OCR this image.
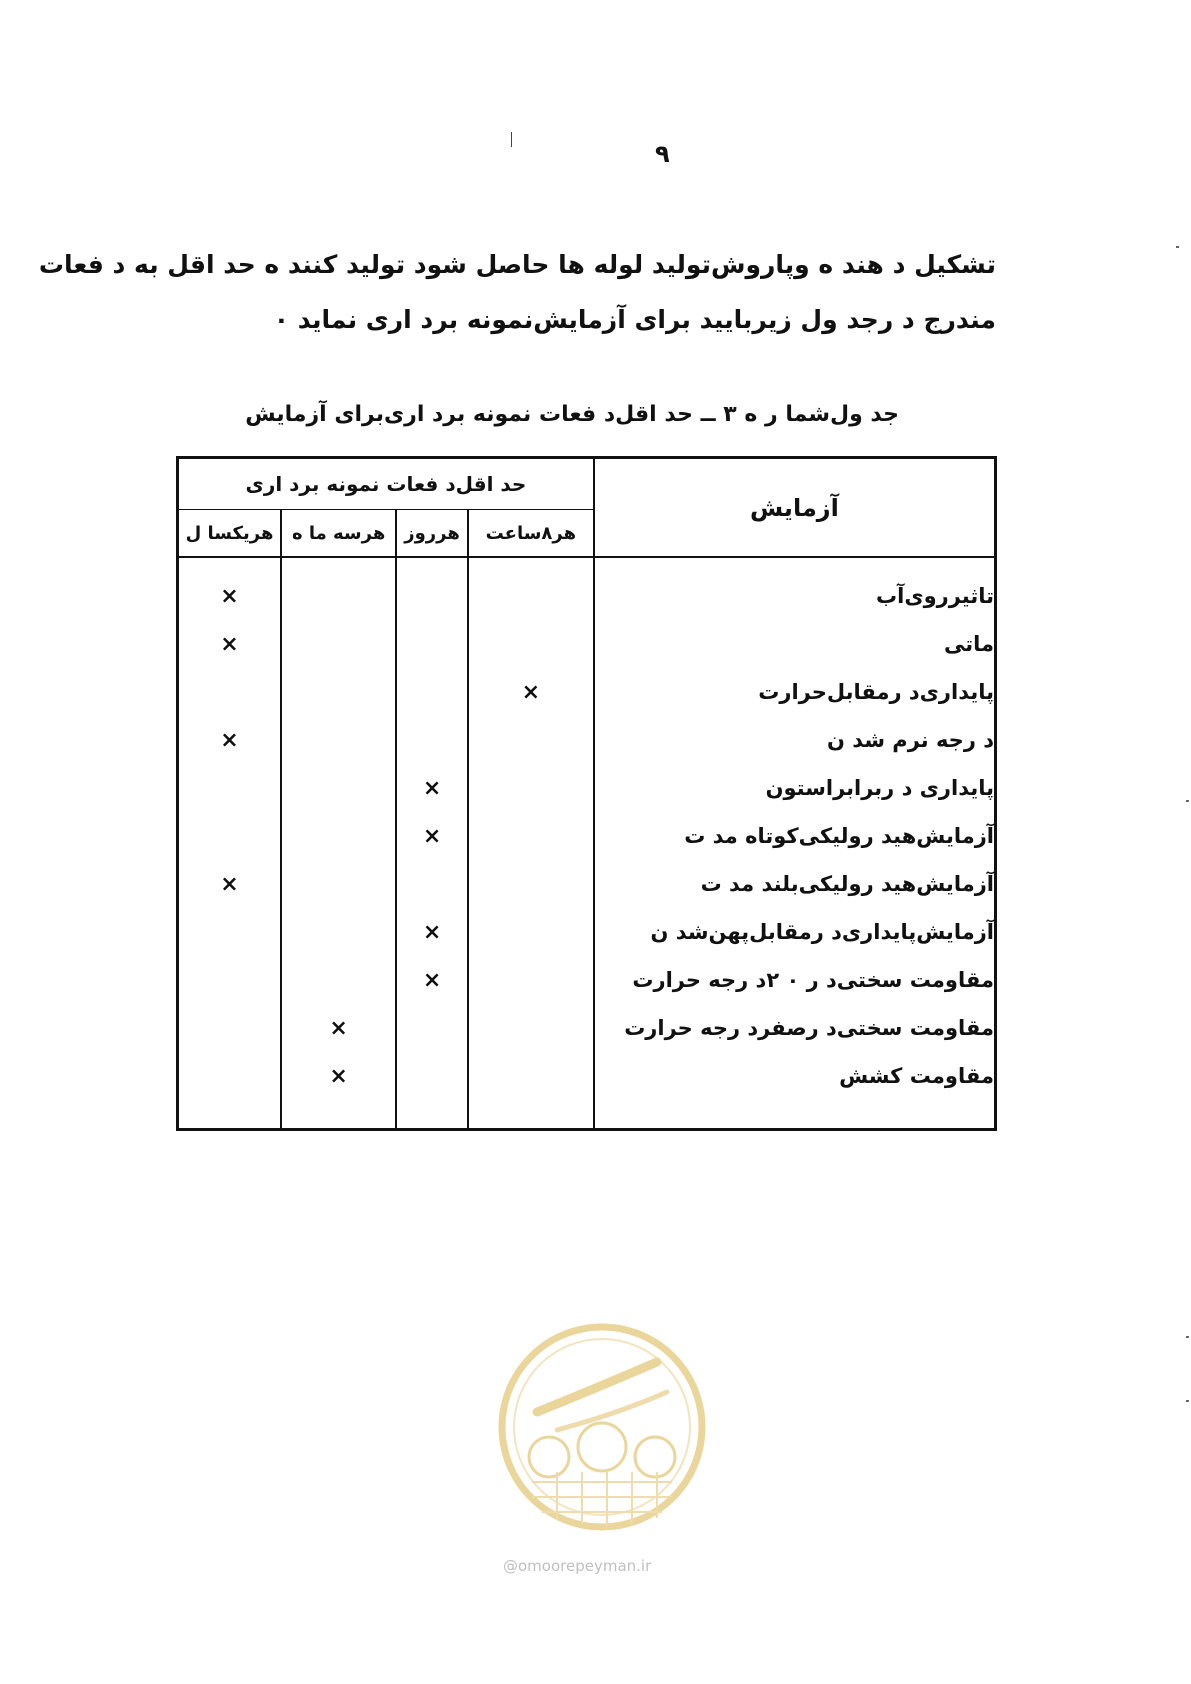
۹
تشکیل د هند ه وپاروش‌تولید لوله ها حاصل شود تولید کنند ه حد اقل به د فعات
مندرج د رجد ول زیربایید برای آزمایش‌نمونه برد اری نماید ٠
جد ول‌شما ر ه ۳ ــ حد اقل‌د فعات نمونه برد اری‌برای آزمایش
آزمایش	حد اقل‌د فعات نمونه برد اری			
	هر۸ساعت	هرروز	هرسه ما ه	هریکسا ل

تاثیرروی‌آب				×
ماتی				×
پایداری‌د رمقابل‌حرارت	×			
د رجه نرم شد ن				×
پایداری د ربرابراستون		×		
آزمایش‌هید رولیکی‌کوتاه مد ت		×		
آزمایش‌هید رولیکی‌بلند مد ت				×
آزمایش‌پایداری‌د رمقابل‌پهن‌شد ن		×		
مقاومت سختی‌د ر ۰ ۲د رجه حرارت		×		
مقاومت سختی‌د رصفرد رجه حرارت			×	
مقاومت کشش			×	

@omoorepeyman.ir
